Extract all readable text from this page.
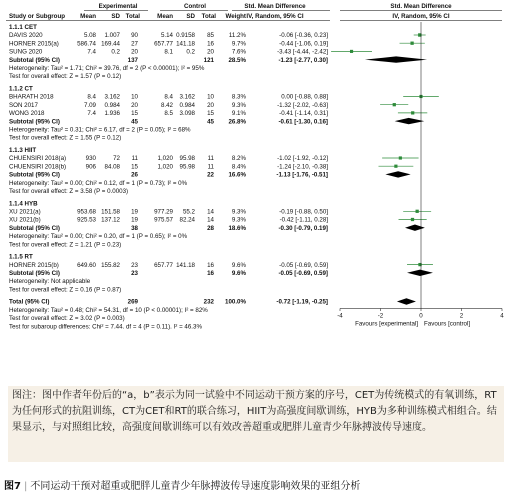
Experimental	Control	Std. Mean Difference	Std. Mean Difference
Study or Subgroup Mean SD Total	Mean SD Total Weight IV, Random, 95% CI	IV, Random, 95% CI
1.1.1 CET
DAVIS 2020	5.08 1.007 90	5.14 0.9158 85 11.2%	-0.06 [-0.36, 0.23]
HORNER 2015(a)	586.74 169.44 27	657.77 141.18 16	9.7%	-0.44 [-1.06, 0.19]
SUNG 2020	7.4 0.2 20	8.1 0.2 20	7.6%	-3.43 [-4.44, -2.42]
Subtotal (95% CI)	137	121 28.5%	-1.23 [-2.77, 0.30]
Heterogeneity: Tau² = 1.71; Chi² = 39.76, df = 2 (P < 0.00001); I² = 95%
Test for overall effect: Z = 1.57 (P = 0.12)
1.1.2 CT
BHARATH 2018	8.4 3.162 10	8.4 3.162 10	8.3%	0.00 [-0.88, 0.88]
SON 2017	7.09 0.984 20	8.42 0.984 20	9.3%	-1.32 [-2.02, -0.63]
WONG 2018	7.4 1.936 15	8.5 3.098 15	9.1%	-0.41 [-1.14, 0.31]
Subtotal (95% CI)	45	45 26.8%	-0.61 [-1.30, 0.16]
Heterogeneity: Tau² = 0.31; Chi² = 6.17, df = 2 (P = 0.05); I² = 68%
Test for overall effect: Z = 1.55 (P = 0.12)
1.1.3 HIIT
CHUENSIRI 2018(a)	930	72 11	1,020 95.98 11	8.2%	-1.02 [-1.92, -0.12]
CHUENSIRI 2018(b)	906 84.08 15	1,020 95.98 11	8.4%	-1.24 [-2.10, -0.38]
Subtotal (95% CI)	26	22 16.6%	-1.13 [-1.76, -0.51]
Heterogeneity: Tau² = 0.00; Chi² = 0.12, df = 1 (P = 0.73); I² = 0%
Test for overall effect: Z = 3.58 (P = 0.0003)
1.1.4 HYB
XU 2021(a)	953.68 151.58 19	977.29 55.2 14	9.3%	-0.19 [-0.88, 0.50]
XU 2021(b)	925.53 137.12 19	975.57 82.24 14	9.3%	-0.42 [-1.11, 0.28]
Subtotal (95% CI)	38	28 18.6%	-0.30 [-0.79, 0.19]
Heterogeneity: Tau² = 0.00; Chi² = 0.20, df = 1 (P = 0.65); I² = 0%
Test for overall effect: Z = 1.21 (P = 0.23)
1.1.5 RT
HORNER 2015(b)	649.60 155.82 23	657.77 141.18 16	9.6%	-0.05 [-0.69, 0.59]
Subtotal (95% CI)	23	16	9.6%	-0.05 [-0.69, 0.59]
Heterogeneity: Not applicable
Test for overall effect: Z = 0.16 (P = 0.87)
Total (95% CI)	269	232 100.0%	-0.72 [-1.19, -0.25]
Heterogeneity: Tau² = 0.48; Chi² = 54.31, df = 10 (P < 0.00001); I² = 82%
Test for overall effect: Z = 3.02 (P = 0.003)
Test for subaroup differences: Chi² = 7.44. df = 4 (P = 0.11). I² = 46.3%
-4	-2	0	2	4
Favours [experimental] Favours [control]
图注：图中作者年份后的“a，b”表示为同一试验中不同运动干预方案的序号，CET为传统模式的有氧训练，RT为任何形式的抗阻训练，CT为CET和RT的联合练习，HIIT为高强度间歇训练，HYB为多种训练模式相组合。结果显示，与对照组比较，高强度间歇训练可以有效改善超重或肥胖儿童青少年脉搏波传导速度。
图7 | 不同运动干预对超重或肥胖儿童青少年脉搏波传导速度影响效果的亚组分析
